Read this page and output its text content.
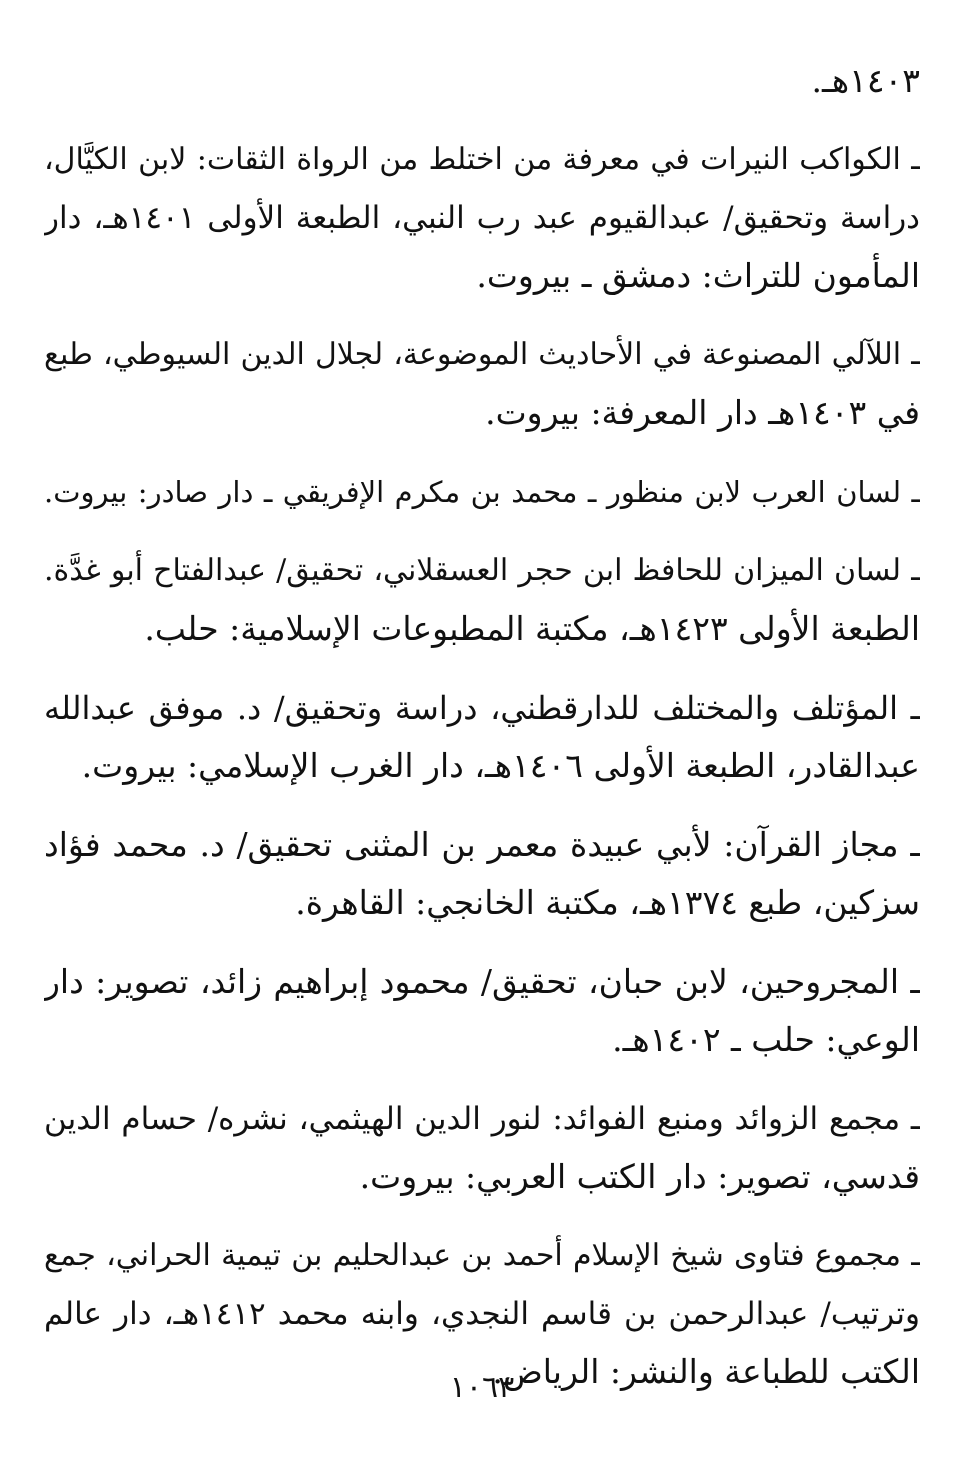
١٤٠٣هـ.
ـ الكواكب النيرات في معرفة من اختلط من الرواة الثقات: لابن الكيَّال،
دراسة وتحقيق/ عبدالقيوم عبد رب النبي، الطبعة الأولى ١٤٠١هـ، دار
المأمون للتراث: دمشق ـ بيروت.
ـ اللآلي المصنوعة في الأحاديث الموضوعة، لجلال الدين السيوطي، طبع
في ١٤٠٣هـ دار المعرفة: بيروت.
ـ لسان العرب لابن منظور ـ محمد بن مكرم الإفريقي ـ دار صادر: بيروت.
ـ لسان الميزان للحافظ ابن حجر العسقلاني، تحقيق/ عبدالفتاح أبو غدَّة.
الطبعة الأولى ١٤٢٣هـ، مكتبة المطبوعات الإسلامية: حلب.
ـ المؤتلف والمختلف للدارقطني، دراسة وتحقيق/ د. موفق عبدالله
عبدالقادر، الطبعة الأولى ١٤٠٦هـ، دار الغرب الإسلامي: بيروت.
ـ مجاز القرآن: لأبي عبيدة معمر بن المثنى تحقيق/ د. محمد فؤاد
سزكين، طبع ١٣٧٤هـ، مكتبة الخانجي: القاهرة.
ـ المجروحين، لابن حبان، تحقيق/ محمود إبراهيم زائد، تصوير: دار
الوعي: حلب ـ ١٤٠٢هـ.
ـ مجمع الزوائد ومنبع الفوائد: لنور الدين الهيثمي، نشره/ حسام الدين
قدسي، تصوير: دار الكتب العربي: بيروت.
ـ مجموع فتاوى شيخ الإسلام أحمد بن عبدالحليم بن تيمية الحراني، جمع
وترتيب/ عبدالرحمن بن قاسم النجدي، وابنه محمد ١٤١٢هـ، دار عالم
الكتب للطباعة والنشر: الرياض.
١٠٦٣
